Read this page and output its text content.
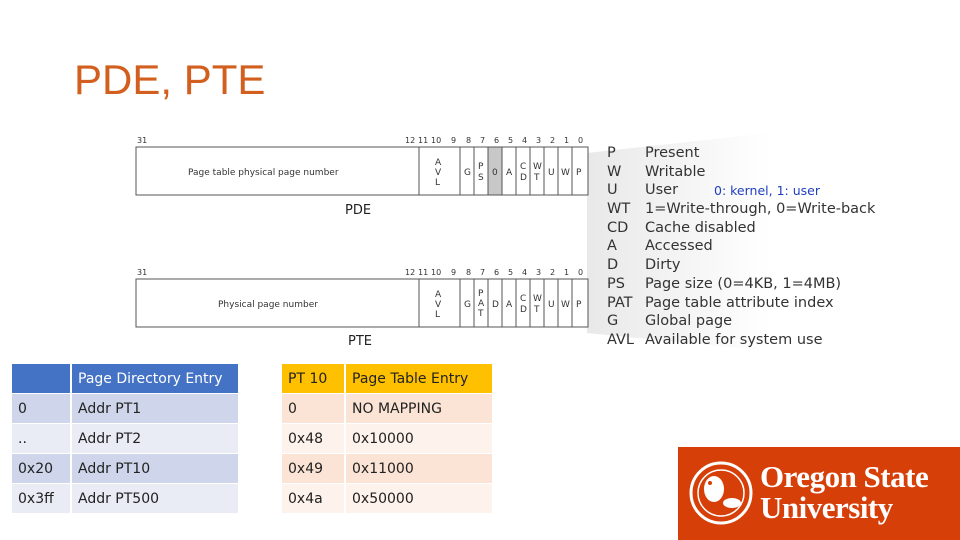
PDE, PTE
31	12 11 10 9 8 7 6 5 4 3 2 1 0
Page table physical page number
A V L
G
P S 0 A
C D
W T U W P
PDE
31	12 11 10 9 8 7 6 5 4 3 2 1 0
Physical page number
A V L
G
P A T
D A
C D
W T U W P
PTE
P	Present
W	Writable
U	User
WT	1=Write-through, 0=Write-back
CD	Cache disabled
A	Accessed
D	Dirty
PS	Page size (0=4KB, 1=4MB)
PAT Page table attribute index
G	Global page
AVL Available for system use
0: kernel, 1: user
	Page Directory Entry		PT 10	Page Table Entry
0	Addr PT1		0	NO MAPPING
..	Addr PT2		0x48	0x10000
0x20	Addr PT10		0x49	0x11000
0x3ff	Addr PT500		0x4a	0x50000
Oregon State
University
